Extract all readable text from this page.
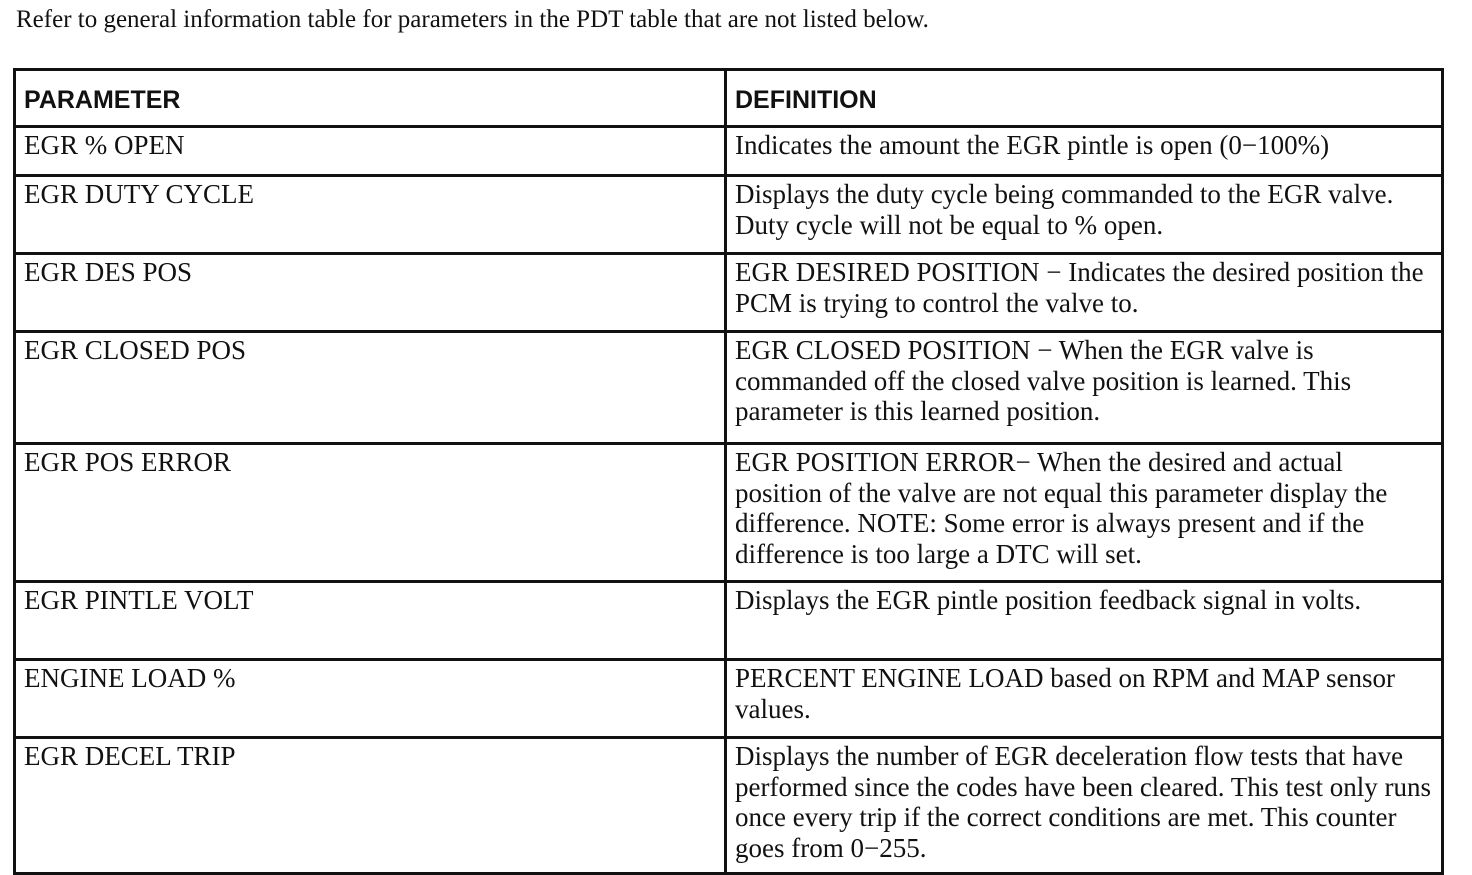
Refer to general information table for parameters in the PDT table that are not listed below.

PARAMETER	DEFINITION
EGR % OPEN	Indicates the amount the EGR pintle is open (0−100%)
EGR DUTY CYCLE	Displays the duty cycle being commanded to the EGR valve. Duty cycle will not be equal to % open.
EGR DES POS	EGR DESIRED POSITION − Indicates the desired position the PCM is trying to control the valve to.
EGR CLOSED POS	EGR CLOSED POSITION − When the EGR valve is commanded off the closed valve position is learned. This parameter is this learned position.
EGR POS ERROR	EGR POSITION ERROR− When the desired and actual position of the valve are not equal this parameter display the difference. NOTE: Some error is always present and if the difference is too large a DTC will set.
EGR PINTLE VOLT	Displays the EGR pintle position feedback signal in volts.
ENGINE LOAD %	PERCENT ENGINE LOAD based on RPM and MAP sensor values.
EGR DECEL TRIP	Displays the number of EGR deceleration flow tests that have performed since the codes have been cleared. This test only runs once every trip if the correct conditions are met. This counter goes from 0−255.
